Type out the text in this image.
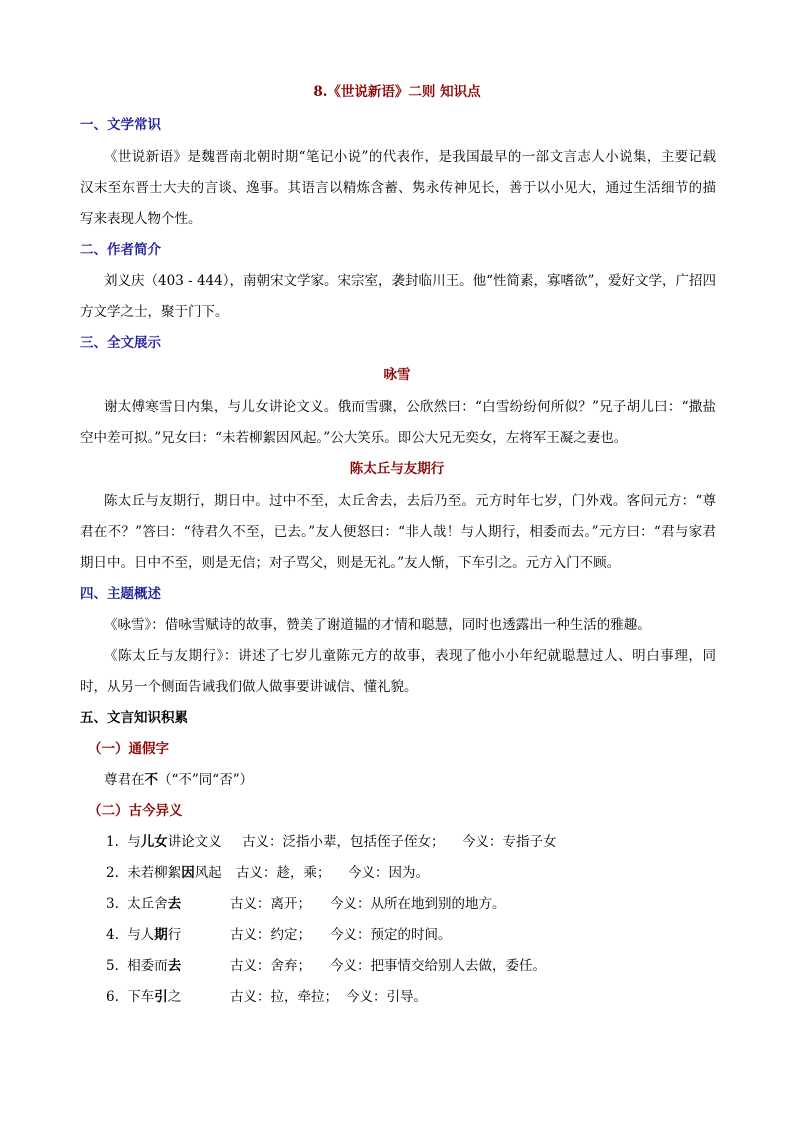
8.《世说新语》二则 知识点
一、文学常识
《世说新语》是魏晋南北朝时期“笔记小说”的代表作，是我国最早的一部文言志人小说集，主要记载
汉末至东晋士大夫的言谈、逸事。其语言以精炼含蓄、隽永传神见长，善于以小见大，通过生活细节的描
写来表现人物个性。
二、作者简介
刘义庆（403 - 444），南朝宋文学家。宋宗室，袭封临川王。他“性简素，寡嗜欲”，爱好文学，广招四
方文学之士，聚于门下。
三、全文展示
咏雪
谢太傅寒雪日内集，与儿女讲论文义。俄而雪骤，公欣然曰：“白雪纷纷何所似？”兄子胡儿曰：“撒盐
空中差可拟。”兄女曰：“未若柳絮因风起。”公大笑乐。即公大兄无奕女，左将军王凝之妻也。
陈太丘与友期行
陈太丘与友期行，期日中。过中不至，太丘舍去，去后乃至。元方时年七岁，门外戏。客问元方：“尊
君在不？”答曰：“待君久不至，已去。”友人便怒曰：“非人哉！与人期行，相委而去。”元方曰：“君与家君
期日中。日中不至，则是无信；对子骂父，则是无礼。”友人惭，下车引之。元方入门不顾。
四、主题概述
《咏雪》：借咏雪赋诗的故事，赞美了谢道韫的才情和聪慧，同时也透露出一种生活的雅趣。
《陈太丘与友期行》：讲述了七岁儿童陈元方的故事，表现了他小小年纪就聪慧过人、明白事理，同
时，从另一个侧面告诫我们做人做事要讲诚信、懂礼貌。
五、文言知识积累
（一）通假字
尊君在不（“不”同“否”）
（二）古今异义
1. 与儿女讲论文义 古义：泛指小辈，包括侄子侄女； 今义：专指子女
2. 未若柳絮因风起 古义：趁，乘； 今义：因为。
3. 太丘舍去	古义：离开； 今义：从所在地到别的地方。
4. 与人期行	古义：约定； 今义：预定的时间。
5. 相委而去	古义：舍弃； 今义：把事情交给别人去做，委任。
6. 下车引之	古义：拉，牵拉； 今义：引导。
